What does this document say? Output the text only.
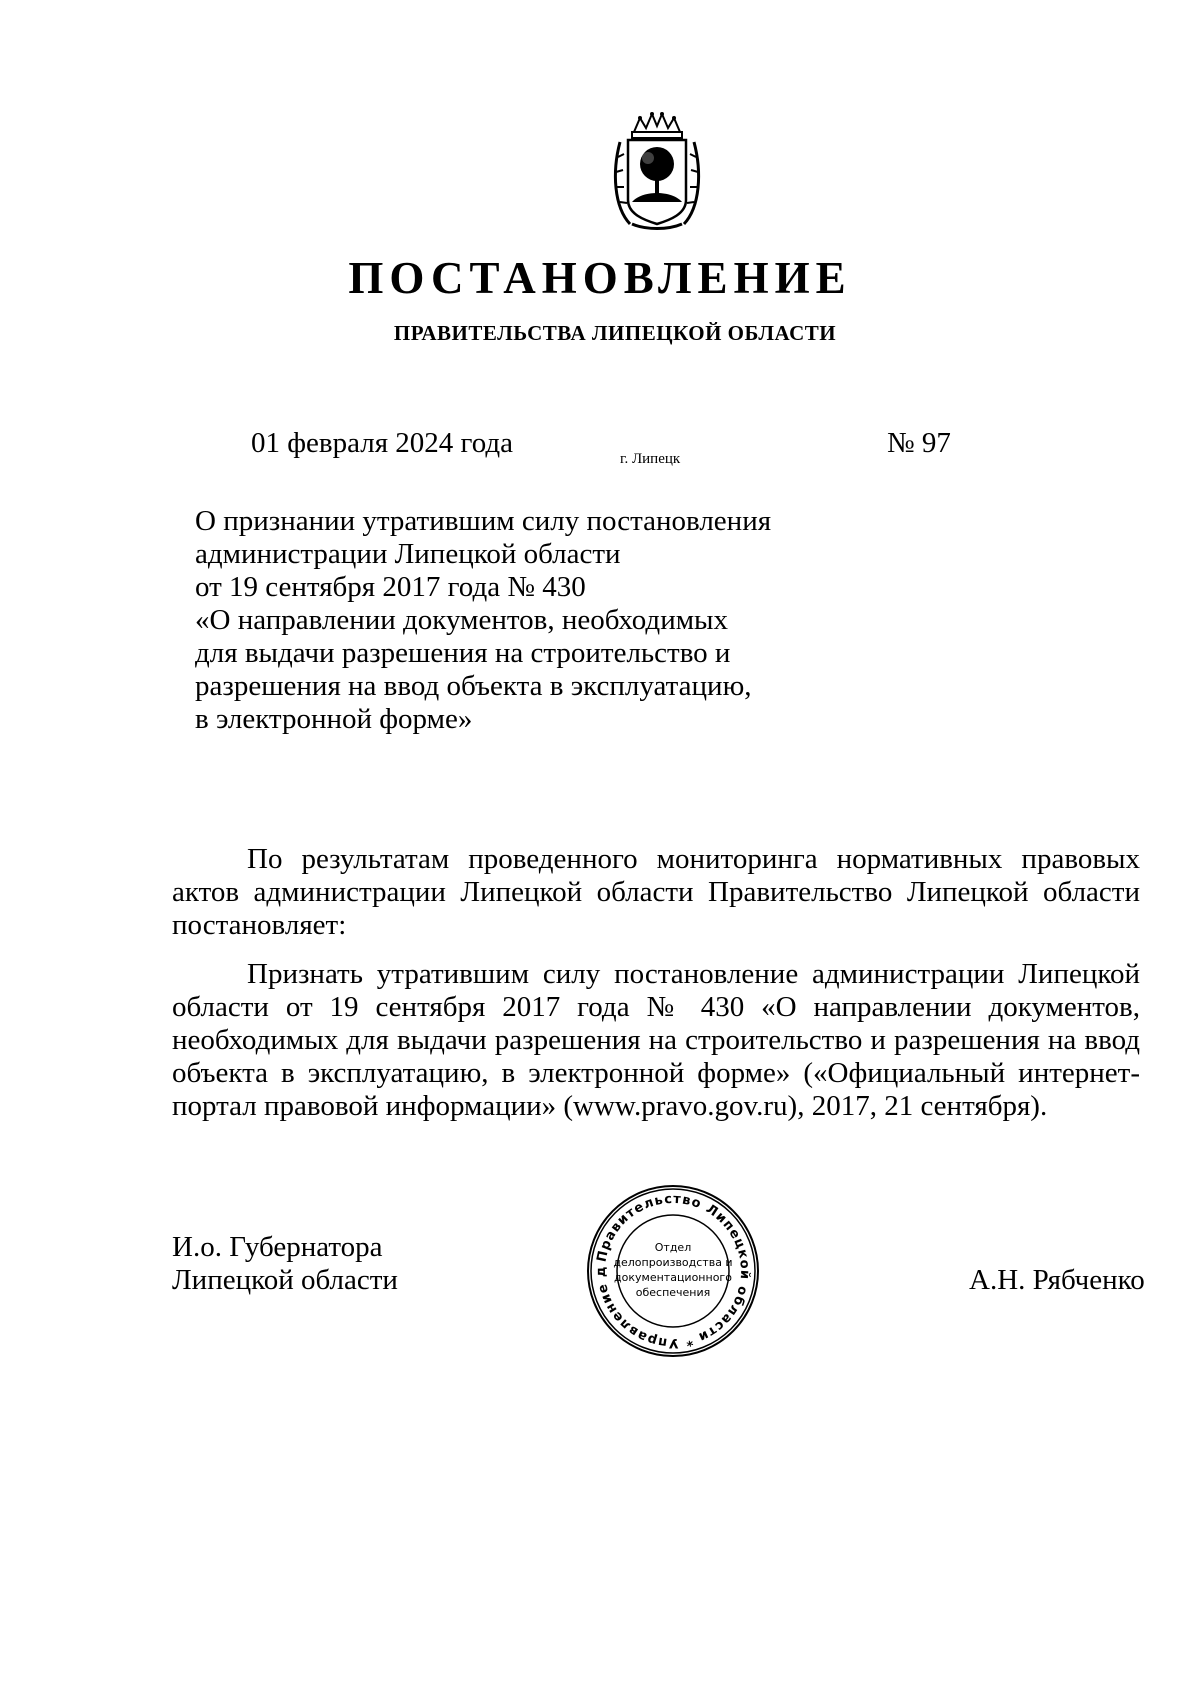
ПОСТАНОВЛЕНИЕ
ПРАВИТЕЛЬСТВА ЛИПЕЦКОЙ ОБЛАСТИ
01 февраля 2024 года	г. Липецк	№ 97
О признании утратившим силу постановления
администрации Липецкой области
от 19 сентября 2017 года № 430
«О направлении документов, необходимых
для выдачи разрешения на строительство и
разрешения на ввод объекта в эксплуатацию,
в электронной форме»
По результатам проведенного мониторинга нормативных правовых актов администрации Липецкой области Правительство Липецкой области постановляет:
Признать утратившим силу постановление администрации Липецкой области от 19 сентября 2017 года № 430 «О направлении документов, необходимых для выдачи разрешения на строительство и разрешения на ввод объекта в эксплуатацию, в электронной форме» («Официальный интернет-портал правовой информации» (www.pravo.gov.ru), 2017, 21 сентября).
И.о. Губернатора
Липецкой области	А.Н. Рябченко
Правительство Липецкой области * Управление д
Отдел
делопроизводства и
документационного
обеспечения
